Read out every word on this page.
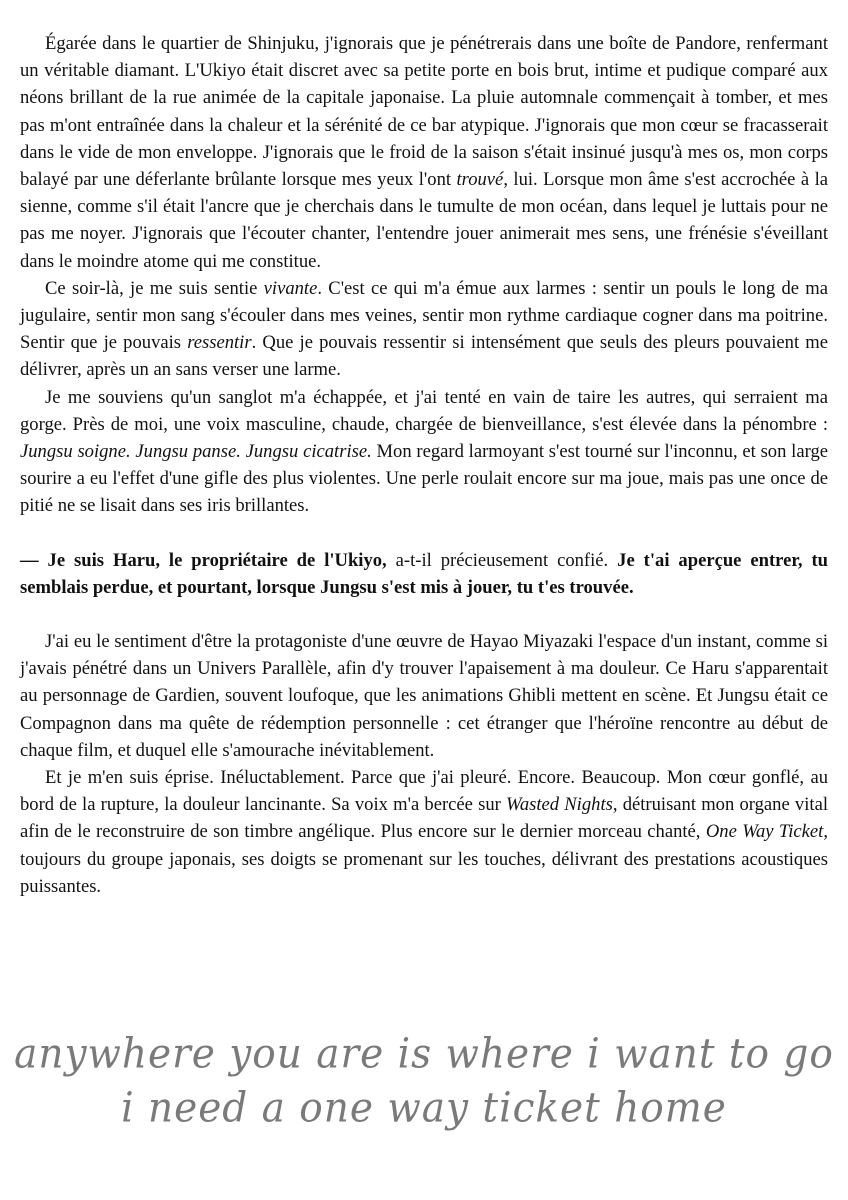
Égarée dans le quartier de Shinjuku, j'ignorais que je pénétrerais dans une boîte de Pandore, renfermant un véritable diamant. L'Ukiyo était discret avec sa petite porte en bois brut, intime et pudique comparé aux néons brillant de la rue animée de la capitale japonaise. La pluie automnale commençait à tomber, et mes pas m'ont entraînée dans la chaleur et la sérénité de ce bar atypique. J'ignorais que mon cœur se fracasserait dans le vide de mon enveloppe. J'ignorais que le froid de la saison s'était insinué jusqu'à mes os, mon corps balayé par une déferlante brûlante lorsque mes yeux l'ont trouvé, lui. Lorsque mon âme s'est accrochée à la sienne, comme s'il était l'ancre que je cherchais dans le tumulte de mon océan, dans lequel je luttais pour ne pas me noyer. J'ignorais que l'écouter chanter, l'entendre jouer animerait mes sens, une frénésie s'éveillant dans le moindre atome qui me constitue.

Ce soir-là, je me suis sentie vivante. C'est ce qui m'a émue aux larmes : sentir un pouls le long de ma jugulaire, sentir mon sang s'écouler dans mes veines, sentir mon rythme cardiaque cogner dans ma poitrine. Sentir que je pouvais ressentir. Que je pouvais ressentir si intensément que seuls des pleurs pouvaient me délivrer, après un an sans verser une larme.

Je me souviens qu'un sanglot m'a échappée, et j'ai tenté en vain de taire les autres, qui serraient ma gorge. Près de moi, une voix masculine, chaude, chargée de bienveillance, s'est élevée dans la pénombre : Jungsu soigne. Jungsu panse. Jungsu cicatrise. Mon regard larmoyant s'est tourné sur l'inconnu, et son large sourire a eu l'effet d'une gifle des plus violentes. Une perle roulait encore sur ma joue, mais pas une once de pitié ne se lisait dans ses iris brillantes.

— Je suis Haru, le propriétaire de l'Ukiyo, a-t-il précieusement confié. Je t'ai aperçue entrer, tu semblais perdue, et pourtant, lorsque Jungsu s'est mis à jouer, tu t'es trouvée.

J'ai eu le sentiment d'être la protagoniste d'une œuvre de Hayao Miyazaki l'espace d'un instant, comme si j'avais pénétré dans un Univers Parallèle, afin d'y trouver l'apaisement à ma douleur. Ce Haru s'apparentait au personnage de Gardien, souvent loufoque, que les animations Ghibli mettent en scène. Et Jungsu était ce Compagnon dans ma quête de rédemption personnelle : cet étranger que l'héroïne rencontre au début de chaque film, et duquel elle s'amourache inévitablement.

Et je m'en suis éprise. Inéluctablement. Parce que j'ai pleuré. Encore. Beaucoup. Mon cœur gonflé, au bord de la rupture, la douleur lancinante. Sa voix m'a bercée sur Wasted Nights, détruisant mon organe vital afin de le reconstruire de son timbre angélique. Plus encore sur le dernier morceau chanté, One Way Ticket, toujours du groupe japonais, ses doigts se promenant sur les touches, délivrant des prestations acoustiques puissantes.

anywhere you are is where i want to go
i need a one way ticket home
